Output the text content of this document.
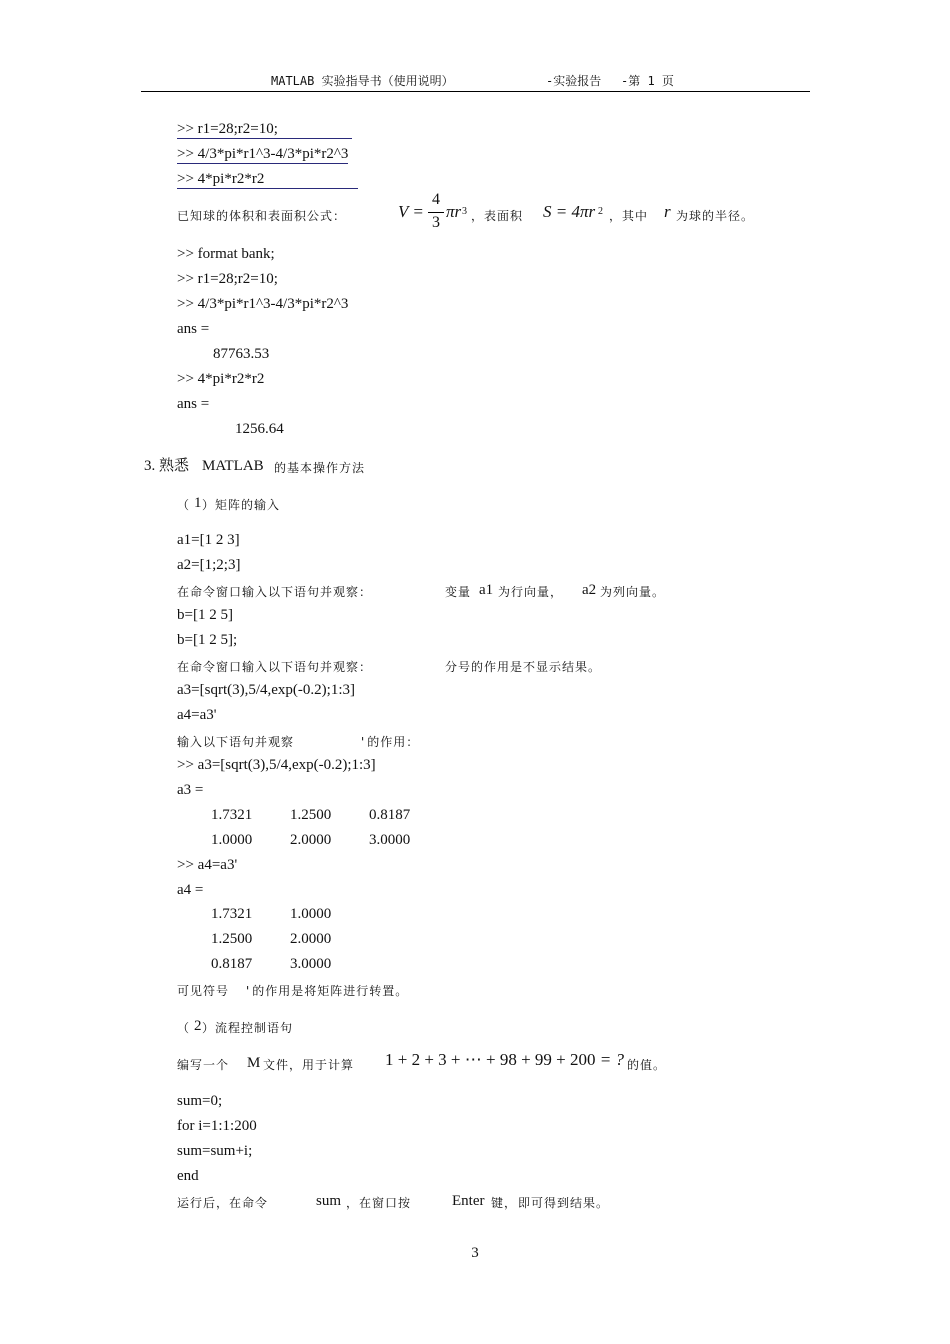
MATLAB 实验指导书（使用说明）	-实验报告 -第 1 页
>> r1=28;r2=10;
>> 4/3*pi*r1^3-4/3*pi*r2^3
>> 4*pi*r2*r2
已知球的体积和表面积公式：	V =
4
3
πr 3 ，表面积 S = 4πr 2 ，其中 r 为球的半径。
>> format bank;
>> r1=28;r2=10;
>> 4/3*pi*r1^3-4/3*pi*r2^3
ans =
87763.53
>> 4*pi*r2*r2
ans =
1256.64
3. 熟悉 MATLAB 的基本操作方法
（ 1 ）矩阵的输入
a1=[1 2 3]
a2=[1;2;3]
在命令窗口输入以下语句并观察：	变量 a1 为行向量， a2 为列向量。
b=[1 2 5]
b=[1 2 5];
在命令窗口输入以下语句并观察：	分号的作用是不显示结果。
a3=[sqrt(3),5/4,exp(-0.2);1:3]
a4=a3'
输入以下语句并观察	'的作用：
>> a3=[sqrt(3),5/4,exp(-0.2);1:3]
a3 =
1.7321	1.2500	0.8187
1.0000	2.0000	3.0000
>> a4=a3'
a4 =
1.7321	1.0000
1.2500	2.0000
0.8187	3.0000
可见符号 '的作用是将矩阵进行转置。
（ 2 ）流程控制语句
编写一个 M 文件，用于计算 1 + 2 + 3 + ⋯ + 98 + 99 + 200 = ? 的值。
sum=0;
for i=1:1:200
sum=sum+i;
end
运行后，在命令	sum ，在窗口按	Enter 键， 即可得到结果。
3
